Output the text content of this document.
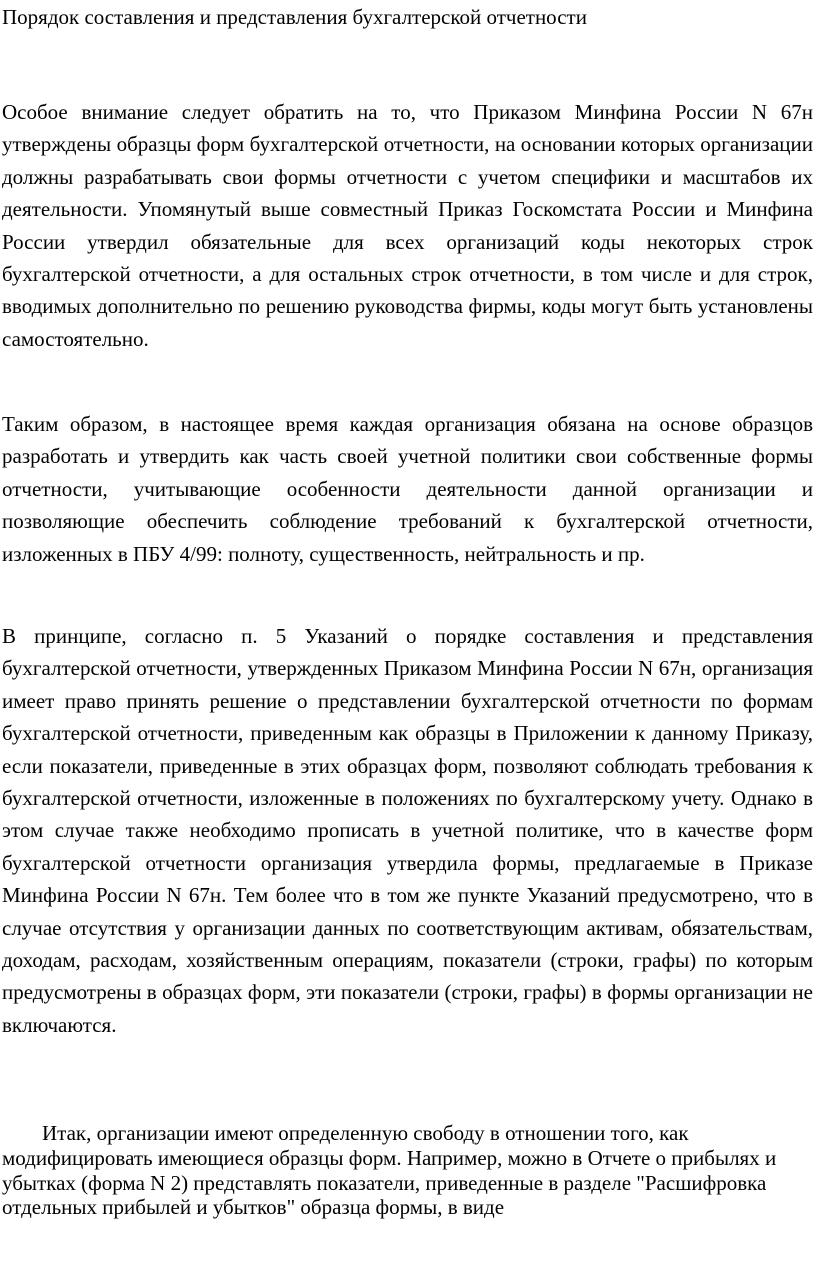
Порядок составления и представления бухгалтерской отчетности

Особое внимание следует обратить на то, что Приказом Минфина России N 67н утверждены образцы форм бухгалтерской отчетности, на основании которых организации должны разрабатывать свои формы отчетности с учетом специфики и масштабов их деятельности. Упомянутый выше совместный Приказ Госкомстата России и Минфина России утвердил обязательные для всех организаций коды некоторых строк бухгалтерской отчетности, а для остальных строк отчетности, в том числе и для строк, вводимых дополнительно по решению руководства фирмы, коды могут быть установлены самостоятельно.

Таким образом, в настоящее время каждая организация обязана на основе образцов разработать и утвердить как часть своей учетной политики свои собственные формы отчетности, учитывающие особенности деятельности данной организации и позволяющие обеспечить соблюдение требований к бухгалтерской отчетности, изложенных в ПБУ 4/99: полноту, существенность, нейтральность и пр.

В принципе, согласно п. 5 Указаний о порядке составления и представления бухгалтерской отчетности, утвержденных Приказом Минфина России N 67н, организация имеет право принять решение о представлении бухгалтерской отчетности по формам бухгалтерской отчетности, приведенным как образцы в Приложении к данному Приказу, если показатели, приведенные в этих образцах форм, позволяют соблюдать требования к бухгалтерской отчетности, изложенные в положениях по бухгалтерскому учету. Однако в этом случае также необходимо прописать в учетной политике, что в качестве форм бухгалтерской отчетности организация утвердила формы, предлагаемые в Приказе Минфина России N 67н. Тем более что в том же пункте Указаний предусмотрено, что в случае отсутствия у организации данных по соответствующим активам, обязательствам, доходам, расходам, хозяйственным операциям, показатели (строки, графы) по которым предусмотрены в образцах форм, эти показатели (строки, графы) в формы организации не включаются.

Итак, организации имеют определенную свободу в отношении того, как модифицировать имеющиеся образцы форм. Например, можно в Отчете о прибылях и убытках (форма N 2) представлять показатели, приведенные в разделе "Расшифровка отдельных прибылей и убытков" образца формы, в виде
